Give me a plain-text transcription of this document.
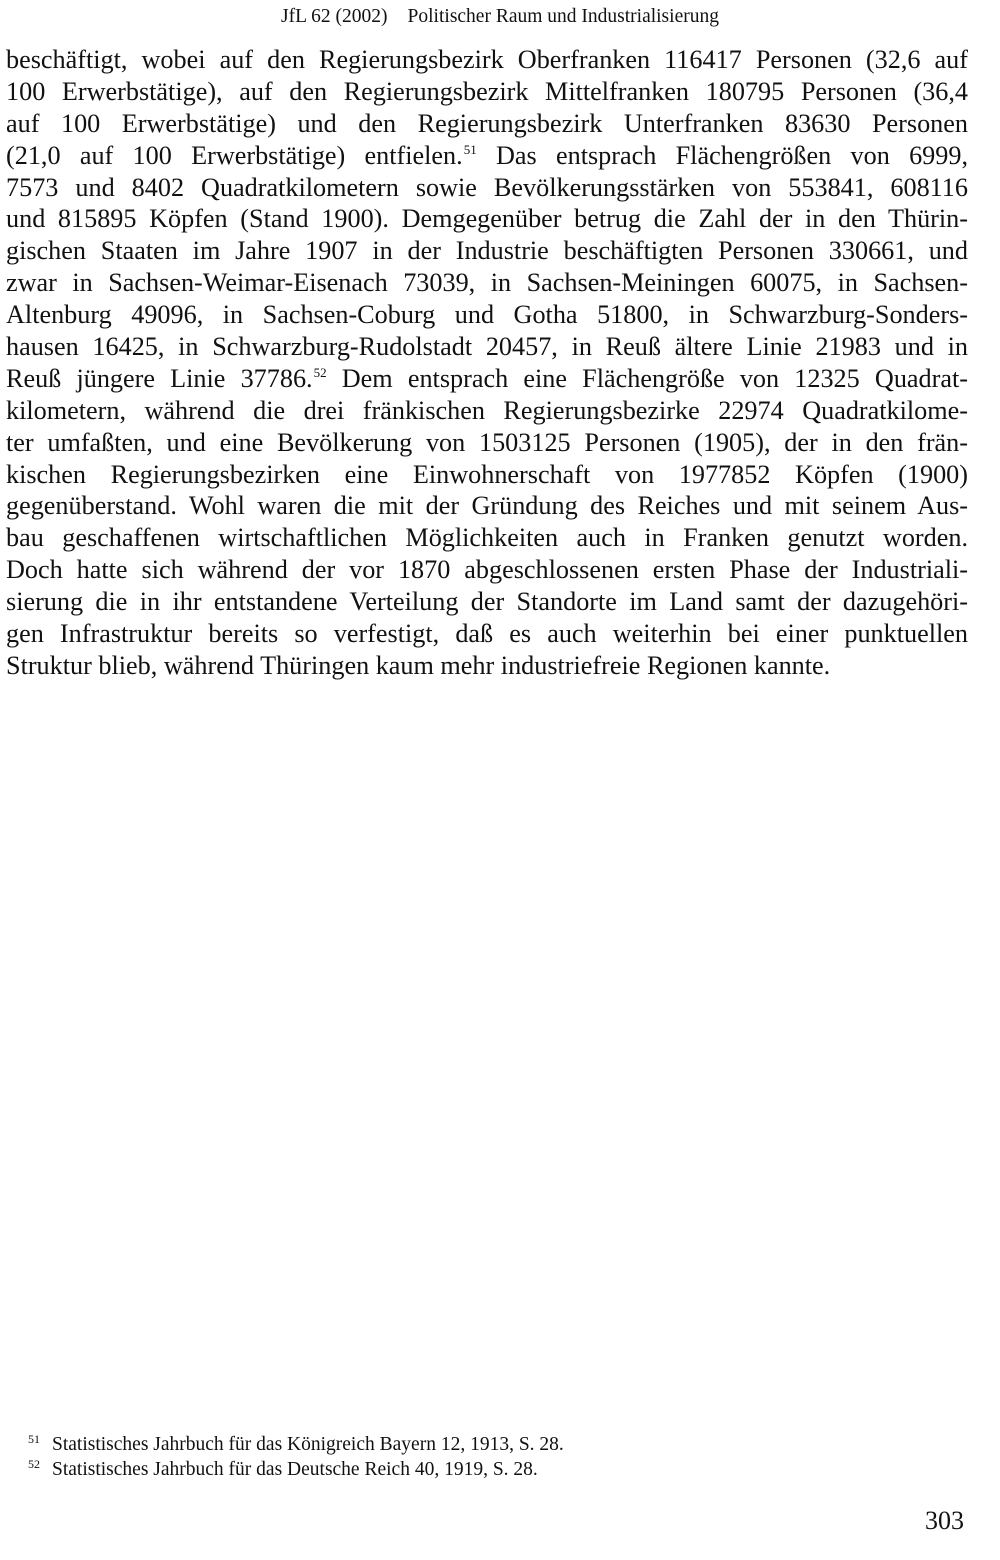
JfL 62 (2002) Politischer Raum und Industrialisierung
beschäftigt, wobei auf den Regierungsbezirk Oberfranken 116417 Personen (32,6 auf
100 Erwerbstätige), auf den Regierungsbezirk Mittelfranken 180795 Personen (36,4
auf 100 Erwerbstätige) und den Regierungsbezirk Unterfranken 83630 Personen
(21,0 auf 100 Erwerbstätige) entfielen.$^{51}$ Das entsprach Flächengrößen von 6999,
7573 und 8402 Quadratkilometern sowie Bevölkerungsstärken von 553841, 608116
und 815895 Köpfen (Stand 1900). Demgegenüber betrug die Zahl der in den Thürin-
gischen Staaten im Jahre 1907 in der Industrie beschäftigten Personen 330661, und
zwar in Sachsen-Weimar-Eisenach 73039, in Sachsen-Meiningen 60075, in Sachsen-
Altenburg 49096, in Sachsen-Coburg und Gotha 51800, in Schwarzburg-Sonders-
hausen 16425, in Schwarzburg-Rudolstadt 20457, in Reuß ältere Linie 21983 und in
Reuß jüngere Linie 37786.52 Dem entsprach eine Flächengröße von 12325 Quadrat-
kilometern, während die drei fränkischen Regierungsbezirke 22974 Quadratkilome-
ter umfaßten, und eine Bevölkerung von 1503125 Personen (1905), der in den frän-
kischen Regierungsbezirken eine Einwohnerschaft von 1977852 Köpfen (1900)
gegenüberstand. Wohl waren die mit der Gründung des Reiches und mit seinem Aus-
bau geschaffenen wirtschaftlichen Möglichkeiten auch in Franken genutzt worden.
Doch hatte sich während der vor 1870 abgeschlossenen ersten Phase der Industriali-
sierung die in ihr entstandene Verteilung der Standorte im Land samt der dazugehöri-
gen Infrastruktur bereits so verfestigt, daß es auch weiterhin bei einer punktuellen
Struktur blieb, während Thüringen kaum mehr industriefreie Regionen kannte.
51 Statistisches Jahrbuch für das Königreich Bayern 12, 1913, S. 28.
52 Statistisches Jahrbuch für das Deutsche Reich 40, 1919, S. 28.
303
